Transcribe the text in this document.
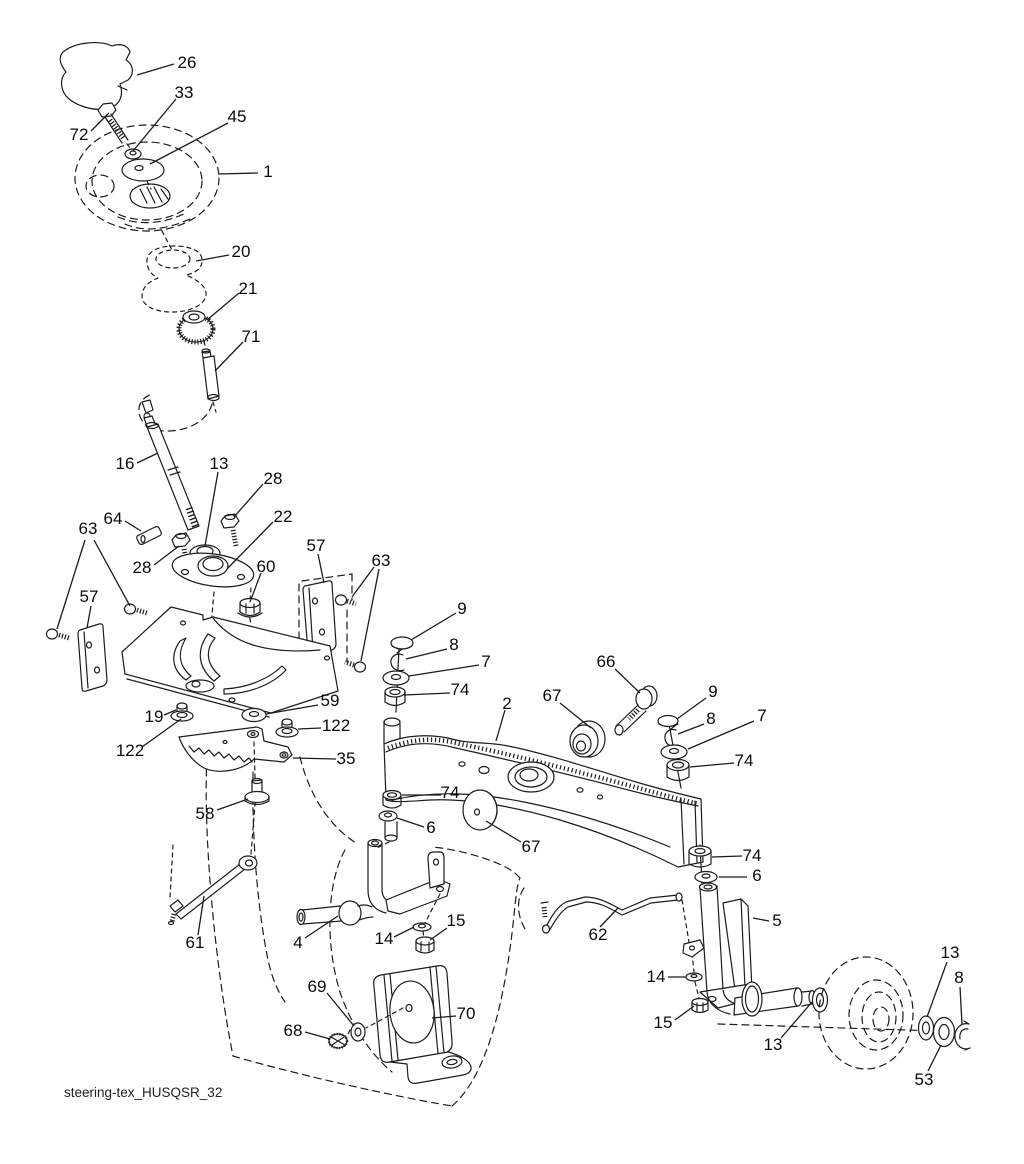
steering-tex_HUSQSR_32
26
33
45
72
1
20
21
71
16	13
28
22
64
28	60
57
63
57
63
9
8
7
74
2
66
67	9
8 7
74
59
122
19
122	35
58
74
6
67	74
6
5
62
61	4	14
15
69
68
70
14
15
13
13
8
53
